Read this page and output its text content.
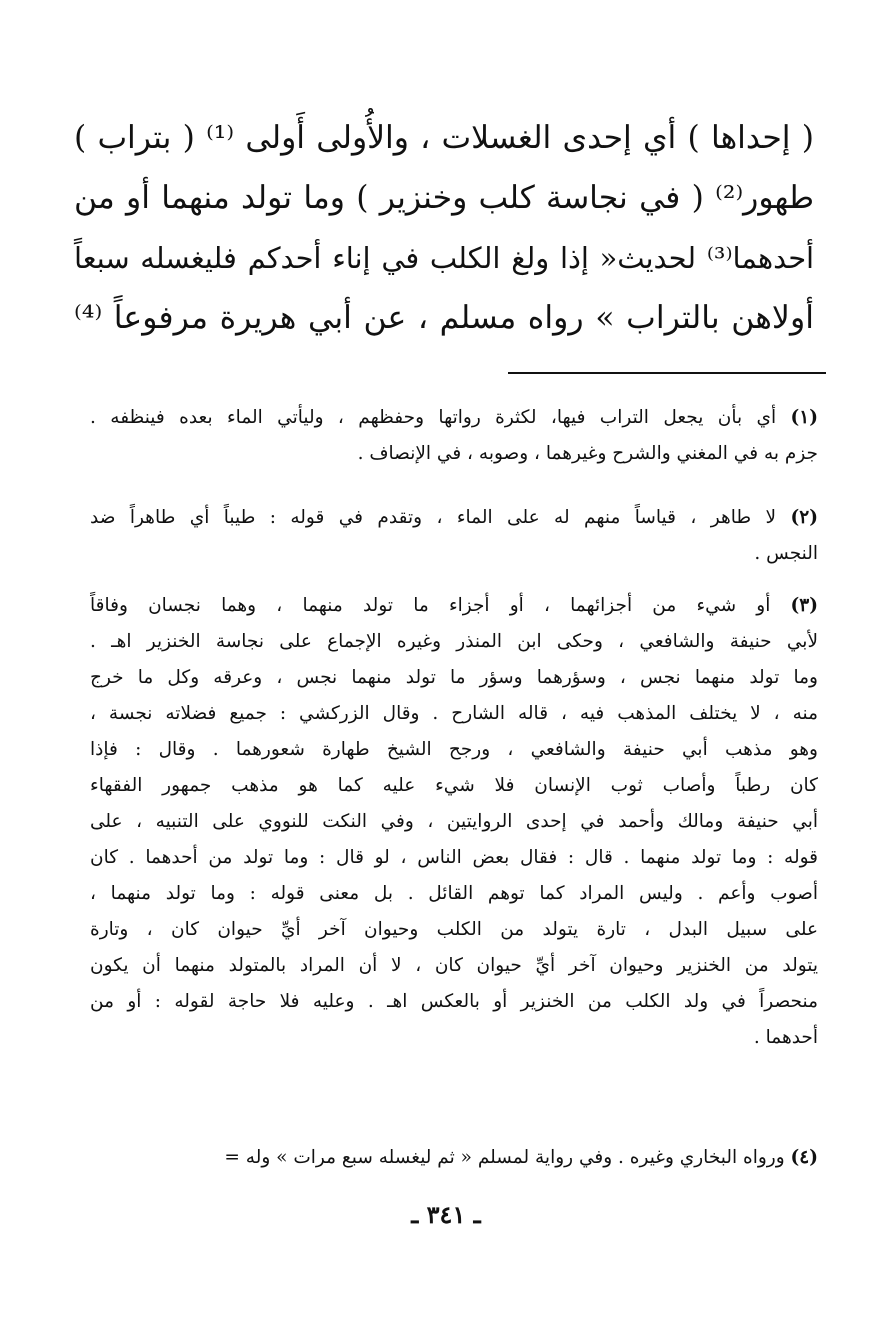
( إحداها ) أي إحدى الغسلات ، والأُولى أَولى ⁽¹⁾ ( بتراب )
طهور⁽²⁾ ( في نجاسة كلب وخنزير ) وما تولد منهما أو من
أحدهما⁽³⁾ لحديث« إذا ولغ الكلب في إناء أحدكم فليغسله سبعاً
أولاهن بالتراب » رواه مسلم ، عن أبي هريرة مرفوعاً ⁽⁴⁾
(١) أي بأن يجعل التراب فيها، لكثرة رواتها وحفظهم ، وليأتي الماء بعده فينظفه .
جزم به في المغني والشرح وغيرهما ، وصوبه ، في الإنصاف .
(٢) لا طاهر ، قياساً منهم له على الماء ، وتقدم في قوله : طيباً أي طاهراً ضد
النجس .
(٣) أو شيء من أجزائهما ، أو أجزاء ما تولد منهما ، وهما نجسان وفاقاً
لأبي حنيفة والشافعي ، وحكى ابن المنذر وغيره الإجماع على نجاسة الخنزير اهـ .
وما تولد منهما نجس ، وسؤرهما وسؤر ما تولد منهما نجس ، وعرقه وكل ما خرج
منه ، لا يختلف المذهب فيه ، قاله الشارح . وقال الزركشي : جميع فضلاته نجسة ،
وهو مذهب أبي حنيفة والشافعي ، ورجح الشيخ طهارة شعورهما . وقال : فإذا
كان رطباً وأصاب ثوب الإنسان فلا شيء عليه كما هو مذهب جمهور الفقهاء
أبي حنيفة ومالك وأحمد في إحدى الروايتين ، وفي النكت للنووي على التنبيه ، على
قوله : وما تولد منهما . قال : فقال بعض الناس ، لو قال : وما تولد من أحدهما . كان
أصوب وأعم . وليس المراد كما توهم القائل . بل معنى قوله : وما تولد منهما ،
على سبيل البدل ، تارة يتولد من الكلب وحيوان آخر أيِّ حيوان كان ، وتارة
يتولد من الخنزير وحيوان آخر أيِّ حيوان كان ، لا أن المراد بالمتولد منهما أن يكون
منحصراً في ولد الكلب من الخنزير أو بالعكس اهـ . وعليه فلا حاجة لقوله : أو من
أحدهما .
(٤) ورواه البخاري وغيره . وفي رواية لمسلم « ثم ليغسله سبع مرات » وله =
ـ ٣٤١ ـ
